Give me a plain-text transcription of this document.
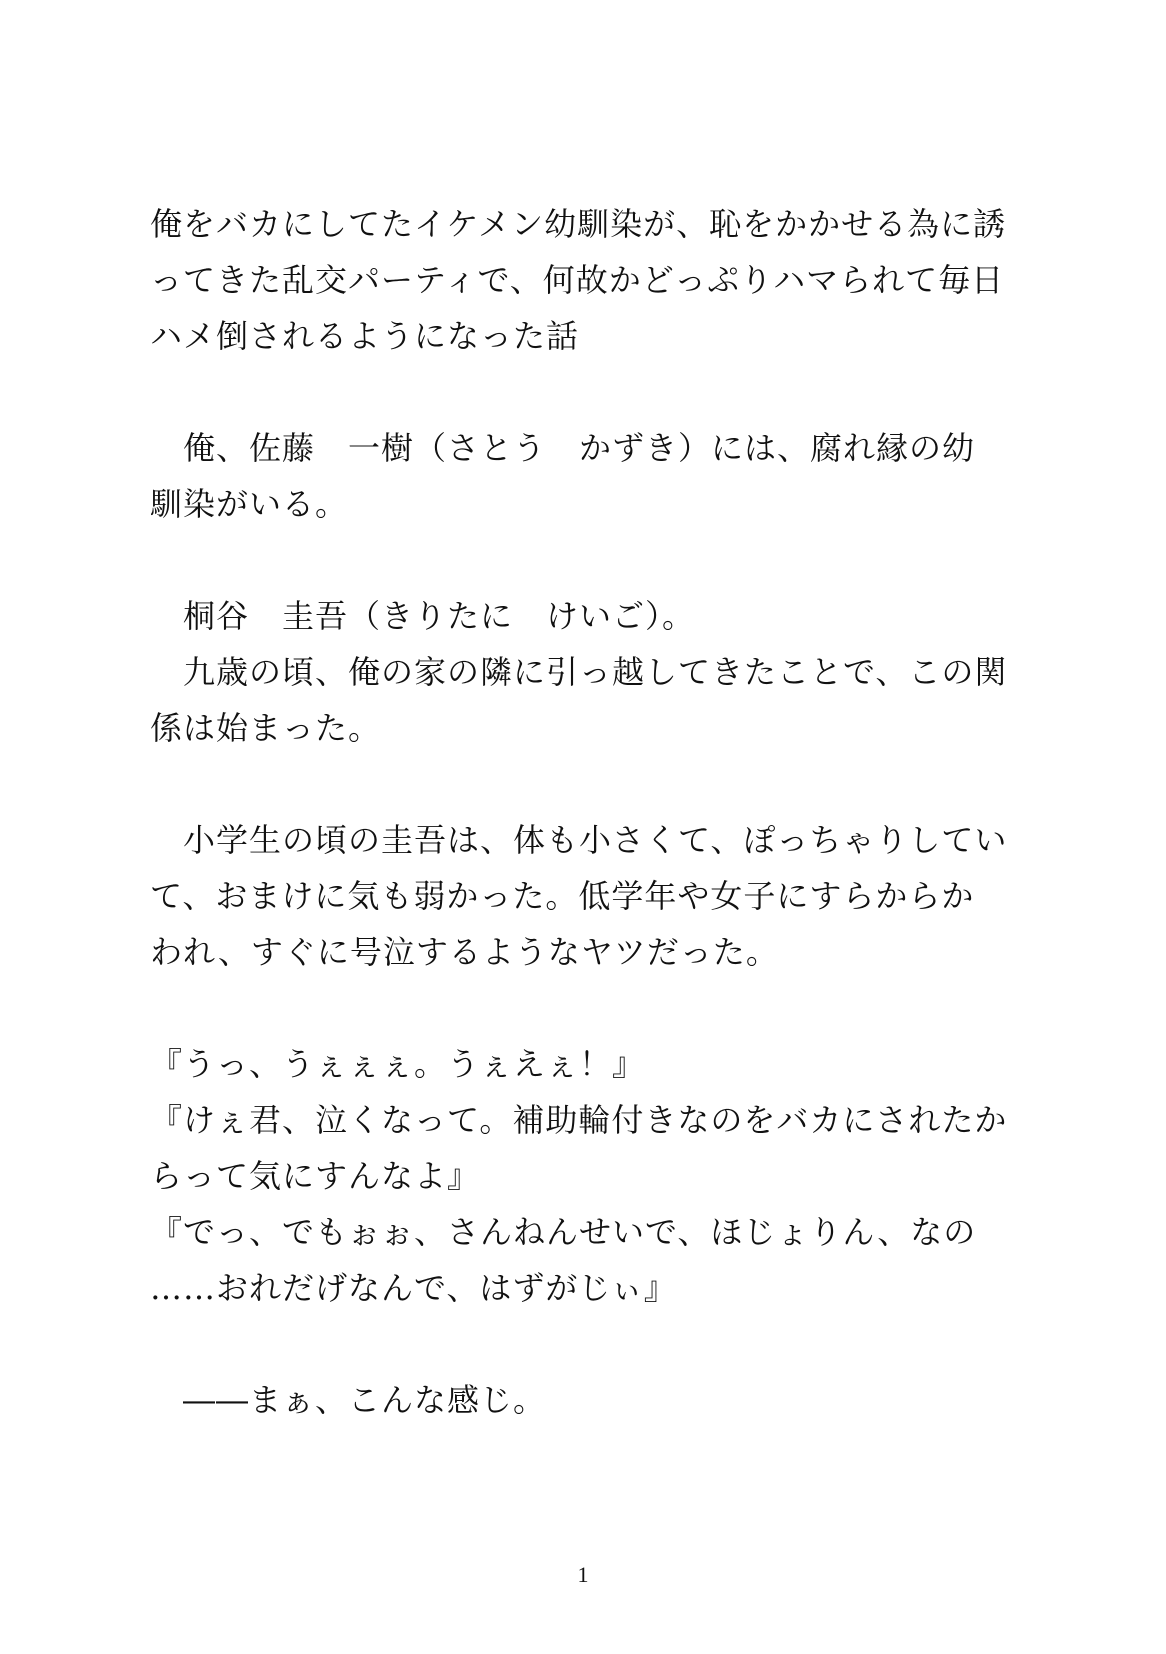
俺をバカにしてたイケメン幼馴染が、恥をかかせる為に誘
ってきた乱交パーティで、何故かどっぷりハマられて毎日
ハメ倒されるようになった話
　俺、佐藤　一樹（さとう　かずき）には、腐れ縁の幼
馴染がいる。
　桐谷　圭吾（きりたに　けいご）。
　九歳の頃、俺の家の隣に引っ越してきたことで、この関
係は始まった。
　小学生の頃の圭吾は、体も小さくて、ぽっちゃりしてい
て、おまけに気も弱かった。低学年や女子にすらからか
われ、すぐに号泣するようなヤツだった。
『うっ、うぇぇぇ。うぇえぇ！』
『けぇ君、泣くなって。補助輪付きなのをバカにされたか
らって気にすんなよ』
『でっ、でもぉぉ、さんねんせいで、ほじょりん、なの
……おれだげなんで、はずがじぃ』
　――まぁ、こんな感じ。
1
